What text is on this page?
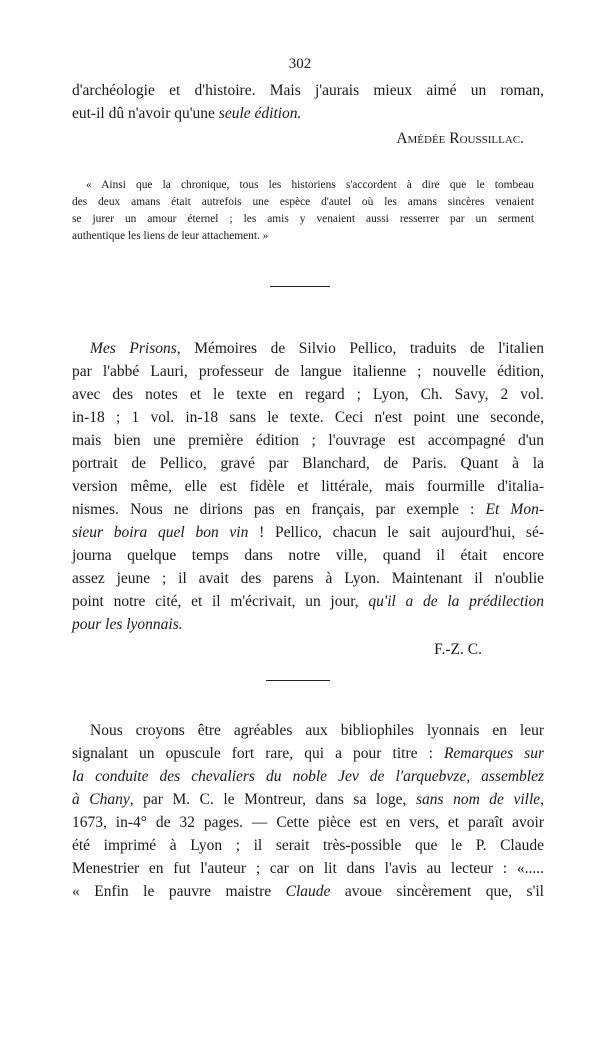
302
d'archéologie et d'histoire. Mais j'aurais mieux aimé un roman,
eut-il dû n'avoir qu'une seule édition.
Amédée Roussillac.
« Ainsi que la chronique, tous les historiens s'accordent à dire que le tombeau
des deux amans était autrefois une espèce d'autel où les amans sincères venaient
se jurer un amour éternel ; les amis y venaient aussi resserrer par un serment
authentique les liens de leur attachement. »
Mes Prisons, Mémoires de Silvio Pellico, traduits de l'italien
par l'abbé Lauri, professeur de langue italienne ; nouvelle édition,
avec des notes et le texte en regard ; Lyon, Ch. Savy, 2 vol.
in-18 ; 1 vol. in-18 sans le texte. Ceci n'est point une seconde,
mais bien une première édition ; l'ouvrage est accompagné d'un
portrait de Pellico, gravé par Blanchard, de Paris. Quant à la
version même, elle est fidèle et littérale, mais fourmille d'italia-
nismes. Nous ne dirions pas en français, par exemple : Et Mon-
sieur boira quel bon vin ! Pellico, chacun le sait aujourd'hui, sé-
journa quelque temps dans notre ville, quand il était encore
assez jeune ; il avait des parens à Lyon. Maintenant il n'oublie
point notre cité, et il m'écrivait, un jour, qu'il a de la prédilection
pour les lyonnais.
F.-Z. C.
Nous croyons être agréables aux bibliophiles lyonnais en leur
signalant un opuscule fort rare, qui a pour titre : Remarques sur
la conduite des chevaliers du noble Jev de l'arquebvze, assemblez
à Chany, par M. C. le Montreur, dans sa loge, sans nom de ville,
1673, in-4° de 32 pages. — Cette pièce est en vers, et paraît avoir
été imprimé à Lyon ; il serait très-possible que le P. Claude
Menestrier en fut l'auteur ; car on lit dans l'avis au lecteur : «.....
« Enfin le pauvre maistre Claude avoue sincèrement que, s'il
